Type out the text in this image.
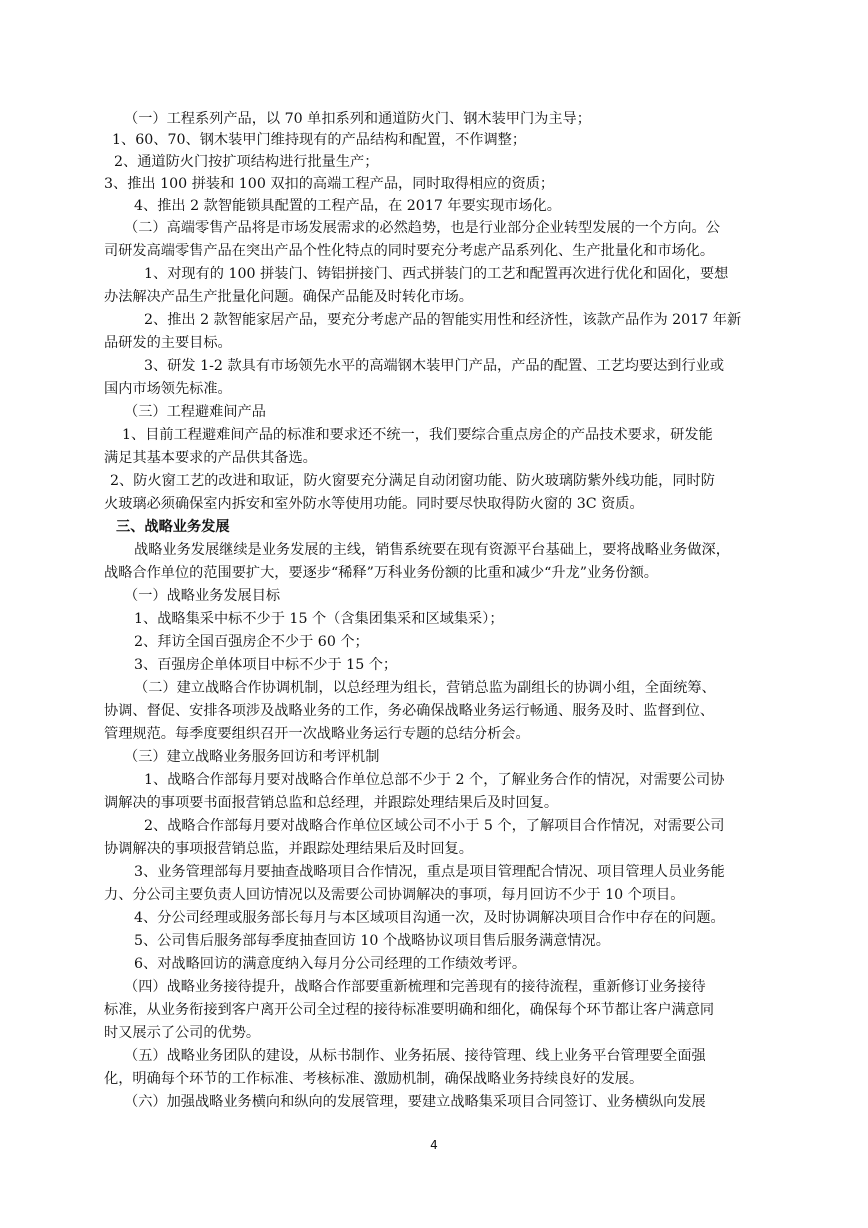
（一）工程系列产品，以 70 单扣系列和通道防火门、钢木装甲门为主导；
1、60、70、钢木装甲门维持现有的产品结构和配置，不作调整；
2、通道防火门按扩项结构进行批量生产；
3、推出 100 拼装和 100 双扣的高端工程产品，同时取得相应的资质；
4、推出 2 款智能锁具配置的工程产品，在 2017 年要实现市场化。
（二）高端零售产品将是市场发展需求的必然趋势，也是行业部分企业转型发展的一个方向。公
司研发高端零售产品在突出产品个性化特点的同时要充分考虑产品系列化、生产批量化和市场化。
1、对现有的 100 拼装门、铸铝拼接门、西式拼装门的工艺和配置再次进行优化和固化，要想
办法解决产品生产批量化问题。确保产品能及时转化市场。
2、推出 2 款智能家居产品，要充分考虑产品的智能实用性和经济性，该款产品作为 2017 年新
品研发的主要目标。
3、研发 1-2 款具有市场领先水平的高端钢木装甲门产品，产品的配置、工艺均要达到行业或
国内市场领先标准。
（三）工程避难间产品
1、目前工程避难间产品的标准和要求还不统一，我们要综合重点房企的产品技术要求，研发能
满足其基本要求的产品供其备选。
2、防火窗工艺的改进和取证，防火窗要充分满足自动闭窗功能、防火玻璃防紫外线功能，同时防
火玻璃必须确保室内拆安和室外防水等使用功能。同时要尽快取得防火窗的 3C 资质。
三、战略业务发展
战略业务发展继续是业务发展的主线，销售系统要在现有资源平台基础上，要将战略业务做深，
战略合作单位的范围要扩大，要逐步“稀释”万科业务份额的比重和减少“升龙”业务份额。
（一）战略业务发展目标
1、战略集采中标不少于 15 个（含集团集采和区域集采）；
2、拜访全国百强房企不少于 60 个；
3、百强房企单体项目中标不少于 15 个；
（二）建立战略合作协调机制，以总经理为组长，营销总监为副组长的协调小组，全面统筹、
协调、督促、安排各项涉及战略业务的工作，务必确保战略业务运行畅通、服务及时、监督到位、
管理规范。每季度要组织召开一次战略业务运行专题的总结分析会。
（三）建立战略业务服务回访和考评机制
1、战略合作部每月要对战略合作单位总部不少于 2 个，了解业务合作的情况，对需要公司协
调解决的事项要书面报营销总监和总经理，并跟踪处理结果后及时回复。
2、战略合作部每月要对战略合作单位区域公司不小于 5 个，了解项目合作情况，对需要公司
协调解决的事项报营销总监，并跟踪处理结果后及时回复。
3、业务管理部每月要抽查战略项目合作情况，重点是项目管理配合情况、项目管理人员业务能
力、分公司主要负责人回访情况以及需要公司协调解决的事项，每月回访不少于 10 个项目。
4、分公司经理或服务部长每月与本区域项目沟通一次，及时协调解决项目合作中存在的问题。
5、公司售后服务部每季度抽查回访 10 个战略协议项目售后服务满意情况。
6、对战略回访的满意度纳入每月分公司经理的工作绩效考评。
（四）战略业务接待提升，战略合作部要重新梳理和完善现有的接待流程，重新修订业务接待
标准，从业务衔接到客户离开公司全过程的接待标准要明确和细化，确保每个环节都让客户满意同
时又展示了公司的优势。
（五）战略业务团队的建设，从标书制作、业务拓展、接待管理、线上业务平台管理要全面强
化，明确每个环节的工作标准、考核标准、激励机制，确保战略业务持续良好的发展。
（六）加强战略业务横向和纵向的发展管理，要建立战略集采项目合同签订、业务横纵向发展
4
